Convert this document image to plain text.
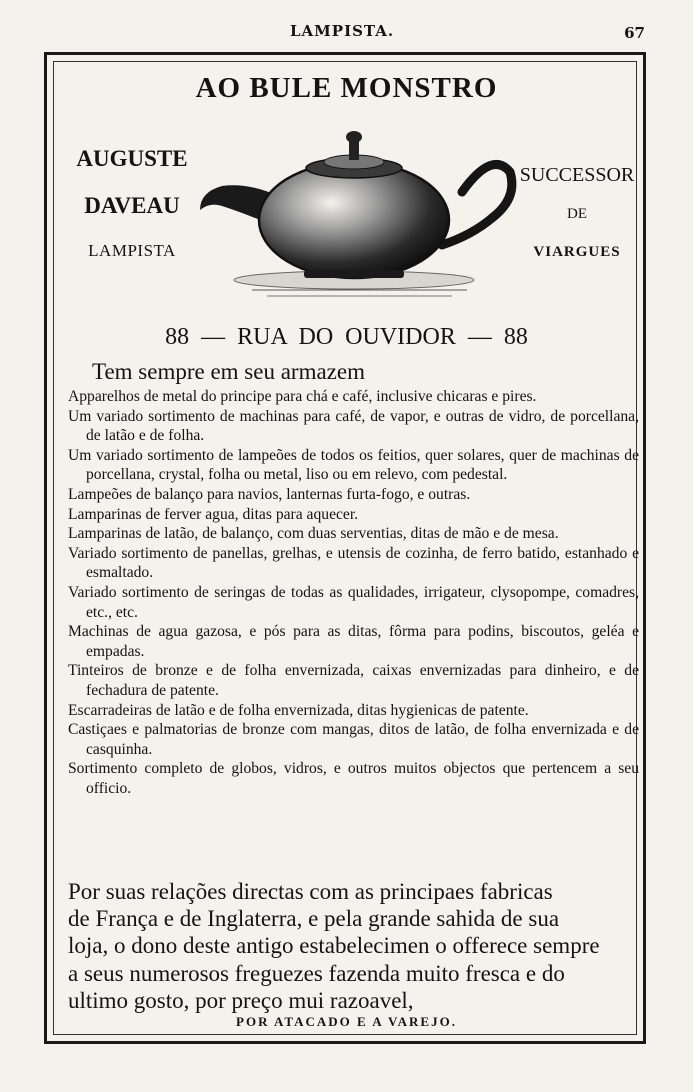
LAMPISTA.	67
AO BULE MONSTRO
AUGUSTE
DAVEAU
LAMPISTA
SUCCESSOR
DE
VIARGUES
88 — RUA DO OUVIDOR — 88
Tem sempre em seu armazem
Apparelhos de metal do principe para chá e café, inclusive chicaras e pires.
Um variado sortimento de machinas para café, de vapor, e outras de vidro, de porcellana, de latão e de folha.
Um variado sortimento de lampeões de todos os feitios, quer solares, quer de machinas de porcellana, crystal, folha ou metal, liso ou em relevo, com pedestal.
Lampeões de balanço para navios, lanternas furta-fogo, e outras.
Lamparinas de ferver agua, ditas para aquecer.
Lamparinas de latão, de balanço, com duas serventias, ditas de mão e de mesa.
Variado sortimento de panellas, grelhas, e utensis de cozinha, de ferro batido, estanhado e esmaltado.
Variado sortimento de seringas de todas as qualidades, irrigateur, clysopompe, comadres, etc., etc.
Machinas de agua gazosa, e pós para as ditas, fôrma para podins, biscoutos, geléa e empadas.
Tinteiros de bronze e de folha envernizada, caixas envernizadas para dinheiro, e de fechadura de patente.
Escarradeiras de latão e de folha envernizada, ditas hygienicas de patente.
Castiçaes e palmatorias de bronze com mangas, ditos de latão, de folha envernizada e de casquinha.
Sortimento completo de globos, vidros, e outros muitos objectos que pertencem a seu officio.
Por suas relações directas com as principaes fabricas
de França e de Inglaterra, e pela grande sahida de sua
loja, o dono deste antigo estabelecimen o offerece sempre
a seus numerosos freguezes fazenda muito fresca e do
ultimo gosto, por preço mui razoavel,
POR ATACADO E A VAREJO.
